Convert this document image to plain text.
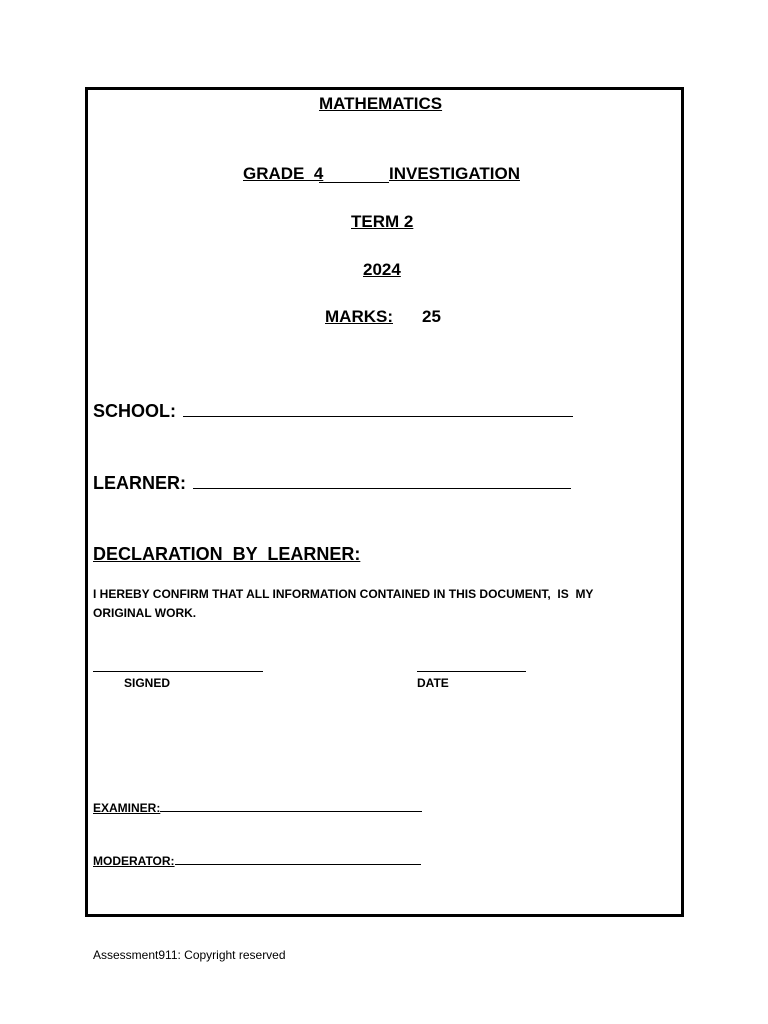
MATHEMATICS
GRADE  4	INVESTIGATION
TERM 2
2024
MARKS: 25
SCHOOL:
LEARNER:
DECLARATION  BY  LEARNER:
I HEREBY CONFIRM THAT ALL INFORMATION CONTAINED IN THIS DOCUMENT,  IS  MY
ORIGINAL WORK.
SIGNED	DATE
EXAMINER:
MODERATOR:
Assessment911: Copyright reserved
